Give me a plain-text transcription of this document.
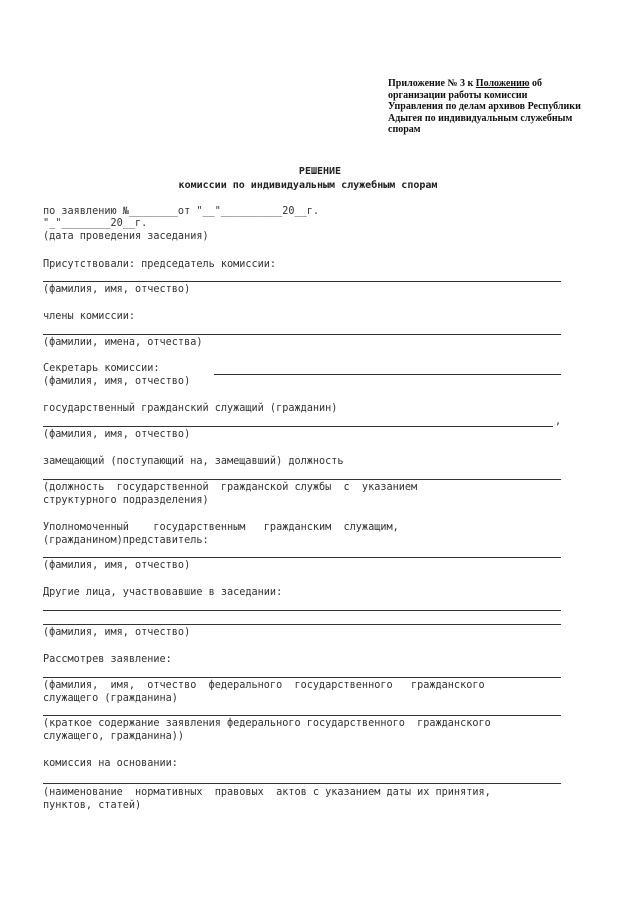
Приложение № 3 к Положению об
организации работы комиссии
Управления по делам архивов Республики
Адыгея по индивидуальным служебным
спорам
РЕШЕНИЕ
комиссии по индивидуальным служебным спорам
по заявлению №________от "__"__________20__г.
"_"________20__г.
(дата проведения заседания)
Присутствовали: председатель комиссии:
(фамилия, имя, отчество)
члены комиссии:
(фамилии, имена, отчества)
Секретарь комиссии:
(фамилия, имя, отчество)
государственный гражданский служащий (гражданин)
,
(фамилия, имя, отчество)
замещающий (поступающий на, замещавший) должность
(должность  государственной  гражданской службы  с  указанием
структурного подразделения)
Уполномоченный    государственным   гражданским  служащим,
(гражданином)представитель:
(фамилия, имя, отчество)
Другие лица, участвовавшие в заседании:
(фамилия, имя, отчество)
Рассмотрев заявление:
(фамилия,  имя,  отчество  федерального  государственного   гражданского
служащего (гражданина)
(краткое содержание заявления федерального государственного  гражданского
служащего, гражданина))
комиссия на основании:
(наименование  нормативных  правовых  актов с указанием даты их принятия,
пунктов, статей)
